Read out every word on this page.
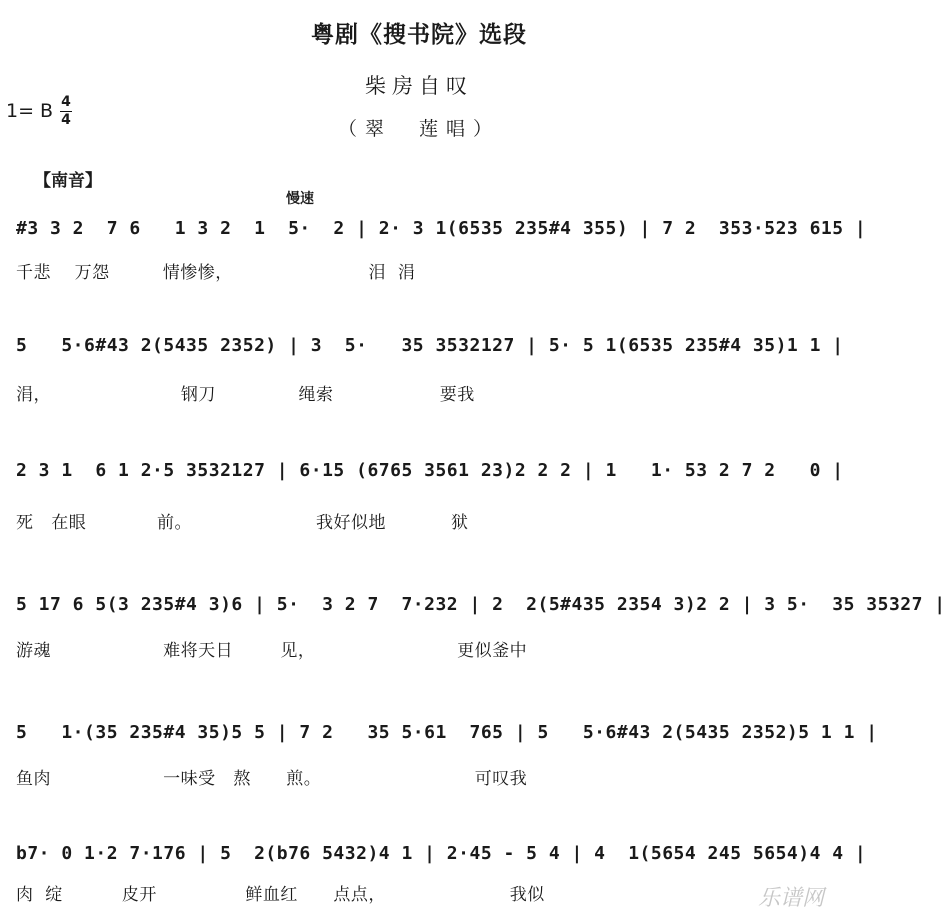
粤剧《搜书院》选段
柴房自叹
（翠　莲唱）
1= B 4
4
【南音】
慢速
#3 3 2  7 6   1 3 2  1  5·  2 | 2· 3 1(6535 235#4 355) | 7 2  353·523 615 |
千悲    万怨         情惨惨，                       泪  涓
5   5·6#43 2(5435 2352) | 3  5·   35 3532127 | 5· 5 1(6535 235#4 35)1 1 |
涓，                      钢刀              绳索                  要我
2 3 1  6 1 2·5 3532127 | 6·15 (6765 3561 23)2 2 2 | 1   1· 53 2 7 2   0 |
死   在眼            前。                     我好似地           狱
5 17 6 5(3 235#4 3)6 | 5·  3 2 7  7·232 | 2  2(5#435 2354 3)2 2 | 3 5·  35 35327 |
游魂                   难将天日        见，                        更似釜中
5   1·(35 235#4 35)5 5 | 7 2   35 5·61  765 | 5   5·6#43 2(5435 2352)5 1 1 |
鱼肉                   一味受   熬      煎。                          可叹我
b7· 0 1·2 7·176 | 5  2(b76 5432)4 1 | 2·45 - 5 4 | 4  1(5654 245 5654)4 4 |
肉  绽          皮开               鲜血红      点点，                     我似	乐谱网
